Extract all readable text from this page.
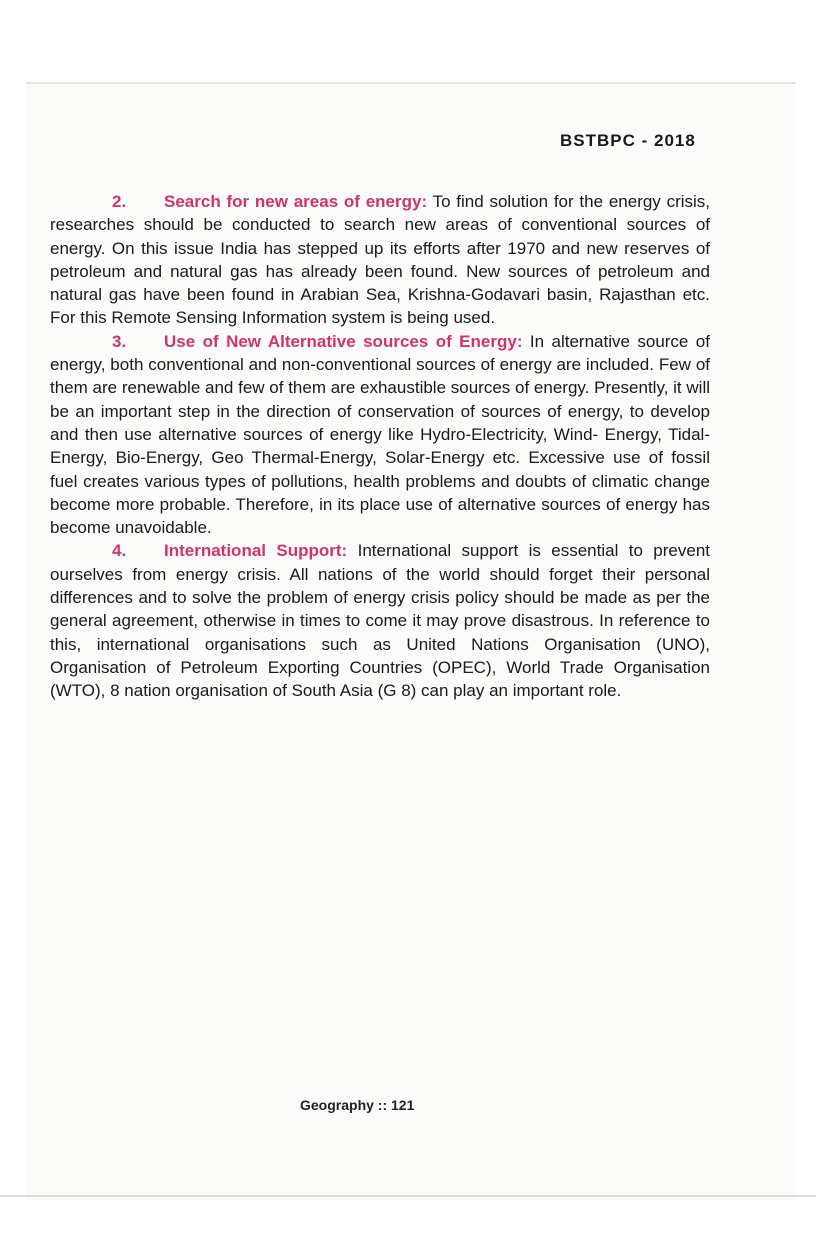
BSTBPC - 2018

2. Search for new areas of energy: To find solution for the energy crisis, researches should be conducted to search new areas of conventional sources of energy. On this issue India has stepped up its efforts after 1970 and new reserves of petroleum and natural gas has already been found. New sources of petroleum and natural gas have been found in Arabian Sea, Krishna-Godavari basin, Rajasthan etc. For this Remote Sensing Information system is being used.

3. Use of New Alternative sources of Energy: In alternative source of energy, both conventional and non-conventional sources of energy are included. Few of them are renewable and few of them are exhaustible sources of energy. Presently, it will be an important step in the direction of conservation of sources of energy, to develop and then use alternative sources of energy like Hydro-Electricity, Wind- Energy, Tidal-Energy, Bio-Energy, Geo Thermal-Energy, Solar-Energy etc. Excessive use of fossil fuel creates various types of pollutions, health problems and doubts of climatic change become more probable. Therefore, in its place use of alternative sources of energy has become unavoidable.

4. International Support: International support is essential to prevent ourselves from energy crisis. All nations of the world should forget their personal differences and to solve the problem of energy crisis policy should be made as per the general agreement, otherwise in times to come it may prove disastrous. In reference to this, international organisations such as United Nations Organisation (UNO), Organisation of Petroleum Exporting Countries (OPEC), World Trade Organisation (WTO), 8 nation organisation of South Asia (G 8) can play an important role.

Geography :: 121
